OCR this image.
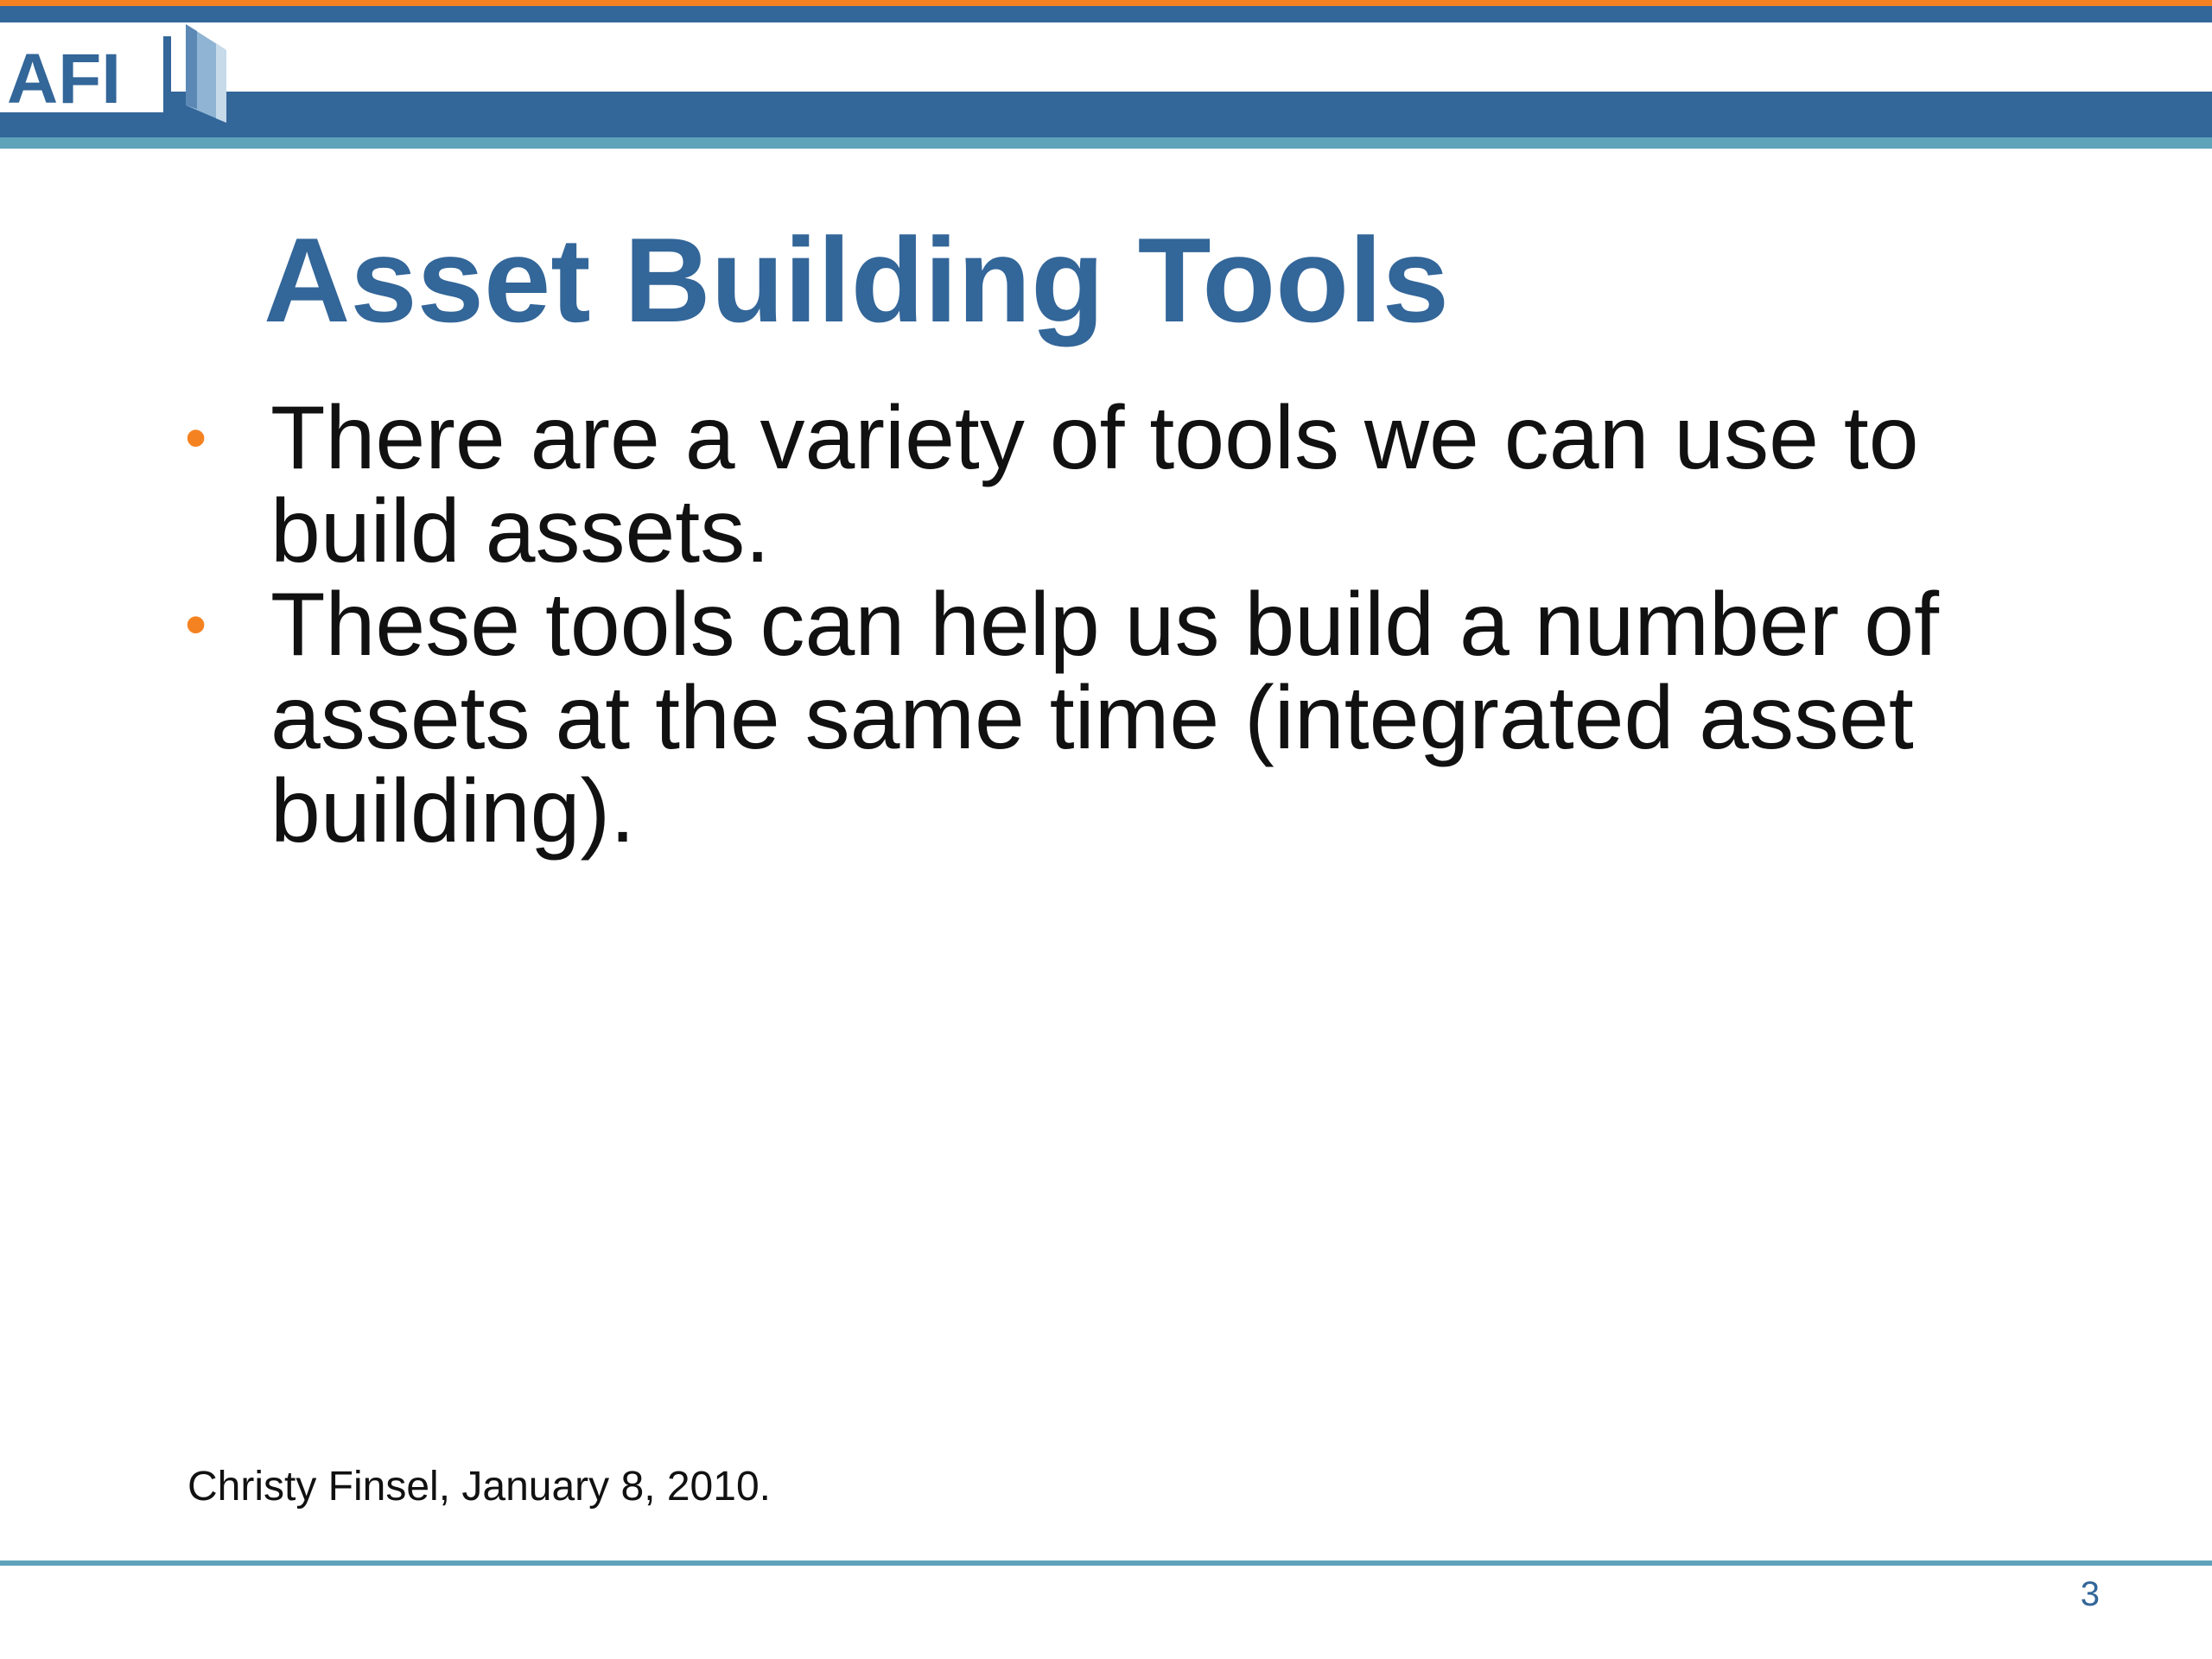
AFI
Asset Building Tools
• There are a variety of tools we can use to build assets.
• These tools can help us build a number of assets at the same time (integrated asset building).
Christy Finsel, January 8, 2010.
3
